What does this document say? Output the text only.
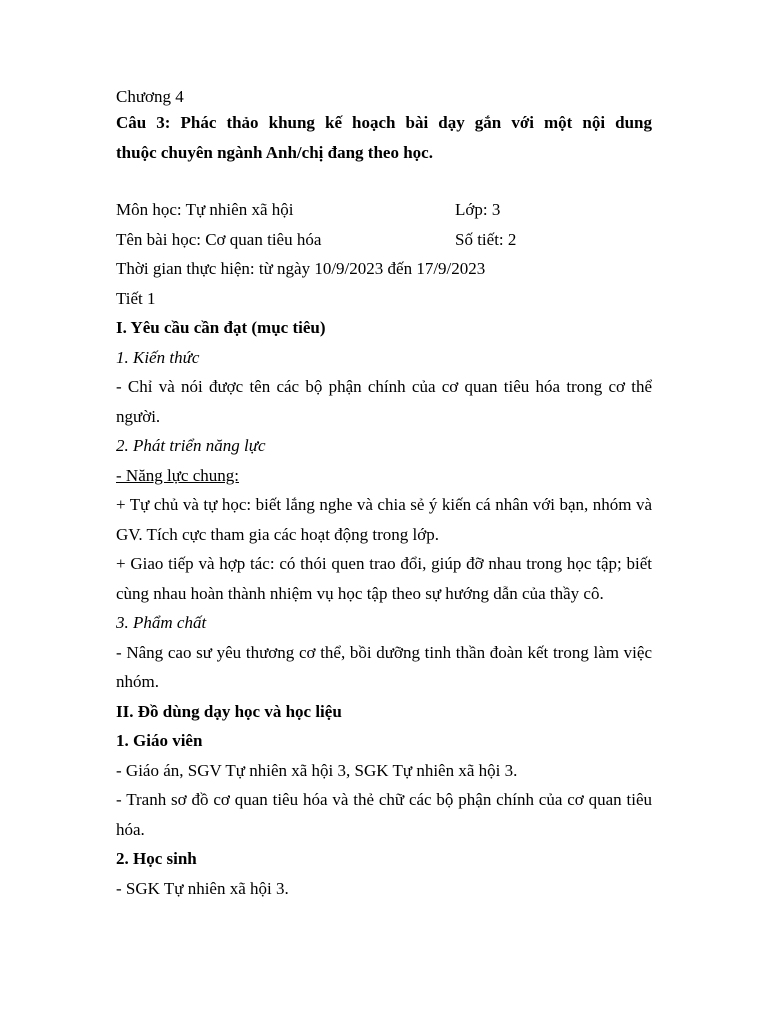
Chương 4
Câu 3: Phác thảo khung kế hoạch bài dạy gắn với một nội dung
thuộc chuyên ngành Anh/chị đang theo học.
Môn học: Tự nhiên xã hội	Lớp: 3
Tên bài học: Cơ quan tiêu hóa	Số tiết: 2
Thời gian thực hiện: từ ngày 10/9/2023 đến 17/9/2023
Tiết 1
I. Yêu cầu cần đạt (mục tiêu)
1. Kiến thức
- Chỉ và nói được tên các bộ phận chính của cơ quan tiêu hóa trong cơ thể người.
2. Phát triển năng lực
- Năng lực chung:
+ Tự chủ và tự học: biết lắng nghe và chia sẻ ý kiến cá nhân với bạn, nhóm và GV. Tích cực tham gia các hoạt động trong lớp.
+ Giao tiếp và hợp tác: có thói quen trao đổi, giúp đỡ nhau trong học tập; biết cùng nhau hoàn thành nhiệm vụ học tập theo sự hướng dẫn của thầy cô.
3. Phẩm chất
- Nâng cao sư yêu thương cơ thể, bồi dưỡng tinh thần đoàn kết trong làm việc nhóm.
II. Đồ dùng dạy học và học liệu
1. Giáo viên
- Giáo án, SGV Tự nhiên xã hội 3, SGK Tự nhiên xã hội 3.
- Tranh sơ đồ cơ quan tiêu hóa và thẻ chữ các bộ phận chính của cơ quan tiêu hóa.
2. Học sinh
- SGK Tự nhiên xã hội 3.
